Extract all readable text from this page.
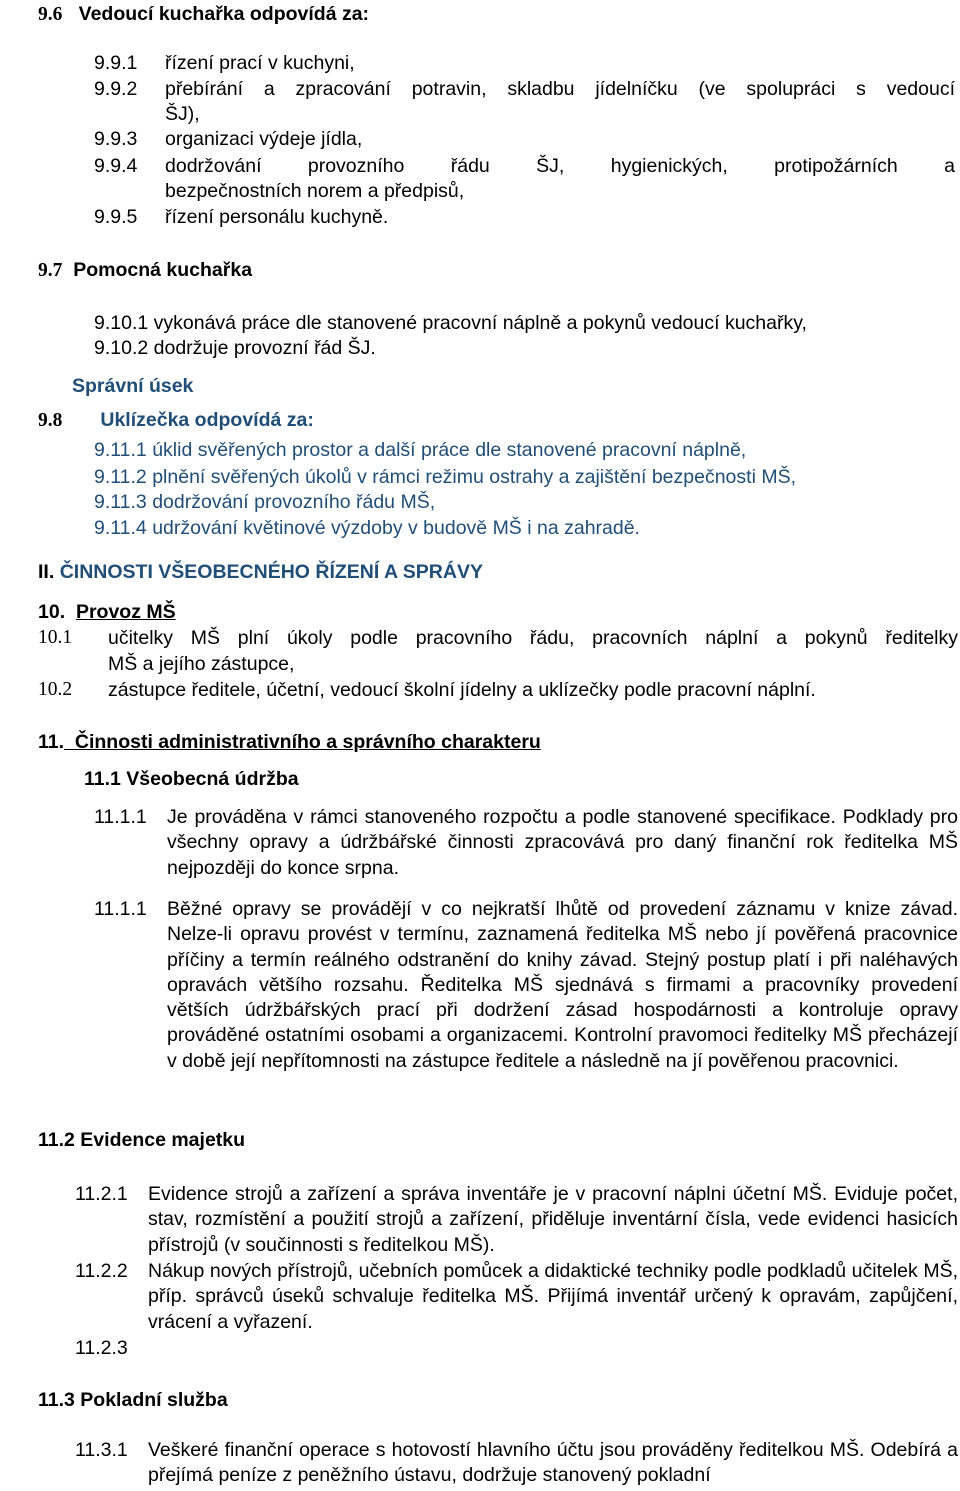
9.6 Vedoucí kuchařka odpovídá za:
9.9.1 řízení prací v kuchyni,
9.9.2 přebírání a zpracování potravin, skladbu jídelníčku (ve spolupráci s vedoucí
ŠJ),
9.9.3 organizaci výdeje jídla,
9.9.4 dodržování provozního řádu ŠJ, hygienických, protipožárních a
bezpečnostních norem a předpisů,
9.9.5 řízení personálu kuchyně.
9.7 Pomocná kuchařka
9.10.1 vykonává práce dle stanovené pracovní náplně a pokynů vedoucí kuchařky,
9.10.2 dodržuje provozní řád ŠJ.
Správní úsek
9.8 Uklízečka odpovídá za:
9.11.1 úklid svěřených prostor a další práce dle stanovené pracovní náplně,
9.11.2 plnění svěřených úkolů v rámci režimu ostrahy a zajištění bezpečnosti MŠ,
9.11.3 dodržování provozního řádu MŠ,
9.11.4 udržování květinové výzdoby v budově MŠ i na zahradě.
II. ČINNOSTI VŠEOBECNÉHO ŘÍZENÍ A SPRÁVY
10. Provoz MŠ
10.1 učitelky MŠ plní úkoly podle pracovního řádu, pracovních náplní a pokynů ředitelky
MŠ a jejího zástupce,
10.2 zástupce ředitele, účetní, vedoucí školní jídelny a uklízečky podle pracovní náplní.
11. Činnosti administrativního a správního charakteru
11.1 Všeobecná údržba
11.1.1 Je prováděna v rámci stanoveného rozpočtu a podle stanovené specifikace. Podklady pro všechny opravy a údržbářské činnosti zpracovává pro daný finanční rok ředitelka MŠ nejpozději do konce srpna.
11.1.1 Běžné opravy se provádějí v co nejkratší lhůtě od provedení záznamu v knize závad. Nelze-li opravu provést v termínu, zaznamená ředitelka MŠ nebo jí pověřená pracovnice příčiny a termín reálného odstranění do knihy závad. Stejný postup platí i při naléhavých opravách většího rozsahu. Ředitelka MŠ sjednává s firmami a pracovníky provedení větších údržbářských prací při dodržení zásad hospodárnosti a kontroluje opravy prováděné ostatními osobami a organizacemi. Kontrolní pravomoci ředitelky MŠ přecházejí v době její nepřítomnosti na zástupce ředitele a následně na jí pověřenou pracovnici.
11.2 Evidence majetku
11.2.1 Evidence strojů a zařízení a správa inventáře je v pracovní náplni účetní MŠ. Eviduje počet, stav, rozmístění a použití strojů a zařízení, přiděluje inventární čísla, vede evidenci hasicích přístrojů (v součinnosti s ředitelkou MŠ).
11.2.2 Nákup nových přístrojů, učebních pomůcek a didaktické techniky podle podkladů učitelek MŠ, příp. správců úseků schvaluje ředitelka MŠ. Přijímá inventář určený k opravám, zapůjčení, vrácení a vyřazení.
11.2.3
11.3 Pokladní služba
11.3.1 Veškeré finanční operace s hotovostí hlavního účtu jsou prováděny ředitelkou MŠ. Odebírá a přejímá peníze z peněžního ústavu, dodržuje stanovený pokladní
